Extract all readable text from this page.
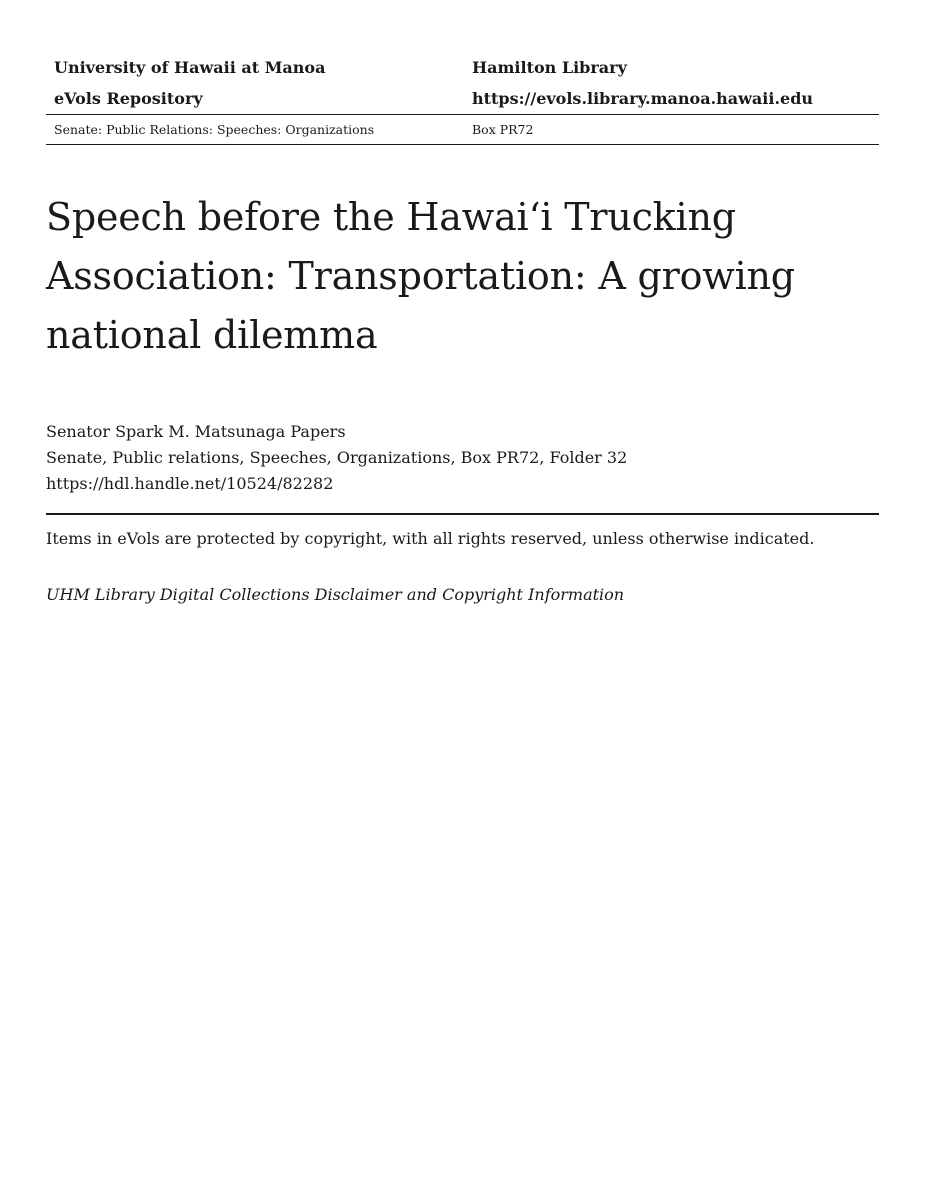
University of Hawaii at Manoa	Hamilton Library
eVols Repository	https://evols.library.manoa.hawaii.edu
Senate: Public Relations: Speeches: Organizations	Box PR72
Speech before the Hawai‘i Trucking Association: Transportation: A growing national dilemma
Senator Spark M. Matsunaga Papers
Senate, Public relations, Speeches, Organizations, Box PR72, Folder 32
https://hdl.handle.net/10524/82282
Items in eVols are protected by copyright, with all rights reserved, unless otherwise indicated.
UHM Library Digital Collections Disclaimer and Copyright Information
